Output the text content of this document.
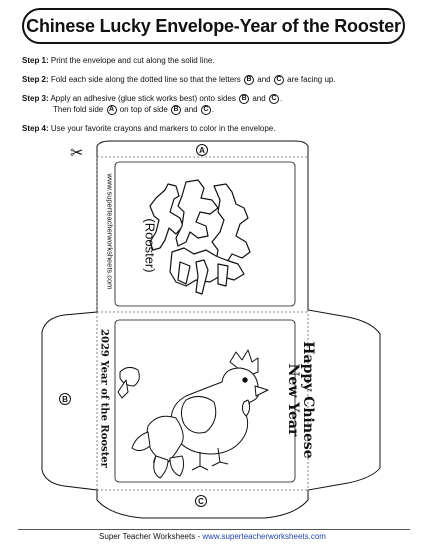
Chinese Lucky Envelope-Year of the Rooster
Step 1: Print the envelope and cut along the solid line.
Step 2: Fold each side along the dotted line so that the letters B and C are facing up.
Step 3: Apply an adhesive (glue stick works best) onto sides B and C .
Then fold side A on top of side B and C .
Step 4: Use your favorite crayons and markers to color in the envelope.
✂	A
B
C
www.superteacherworksheets.com (Rooster)
Happy Chinese
New Year
2029 Year of the Rooster
Super Teacher Worksheets - www.superteacherworksheets.com
